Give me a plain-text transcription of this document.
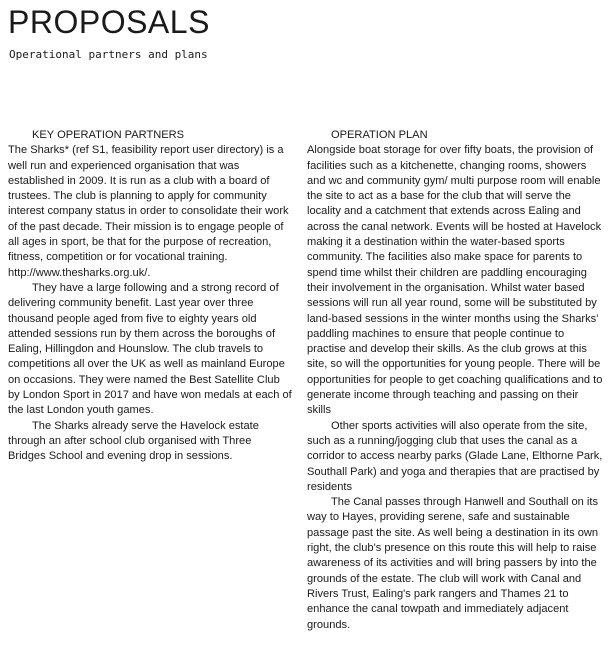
PROPOSALS
Operational partners and plans
KEY OPERATION PARTNERS

The Sharks* (ref S1, feasibility report user directory) is a well run and experienced organisation that was established in 2009. It is run as a club with a board of trustees. The club is planning to apply for community interest company status in order to consolidate their work of the past decade. Their mission is to engage people of all ages in sport, be that for the purpose of recreation, fitness, competition or for vocational training. http://www.thesharks.org.uk/.

They have a large following and a strong record of delivering community benefit. Last year over three thousand people aged from five to eighty years old attended sessions run by them across the boroughs of Ealing, Hillingdon and Hounslow. The club travels to competitions all over the UK as well as mainland Europe on occasions. They were named the Best Satellite Club by London Sport in 2017 and have won medals at each of the last London youth games.

The Sharks already serve the Havelock estate through an after school club organised with Three Bridges School and evening drop in sessions.

OPERATION PLAN

Alongside boat storage for over fifty boats, the provision of facilities such as a kitchenette, changing rooms, showers and wc and community gym/ multi purpose room will enable the site to act as a base for the club that will serve the locality and a catchment that extends across Ealing and across the canal network. Events will be hosted at Havelock making it a destination within the water-based sports community. The facilities also make space for parents to spend time whilst their children are paddling encouraging their involvement in the organisation. Whilst water based sessions will run all year round, some will be substituted by land-based sessions in the winter months using the Sharks' paddling machines to ensure that people continue to practise and develop their skills. As the club grows at this site, so will the opportunities for young people. There will be opportunities for people to get coaching qualifications and to generate income through teaching and passing on their skills

Other sports activities will also operate from the site, such as a running/jogging club that uses the canal as a corridor to access nearby parks (Glade Lane, Elthorne Park, Southall Park) and yoga and therapies that are practised by residents

The Canal passes through Hanwell and Southall on its way to Hayes, providing serene, safe and sustainable passage past the site. As well being a destination in its own right, the club's presence on this route this will help to raise awareness of its activities and will bring passers by into the grounds of the estate. The club will work with Canal and Rivers Trust, Ealing's park rangers and Thames 21 to enhance the canal towpath and immediately adjacent grounds.
